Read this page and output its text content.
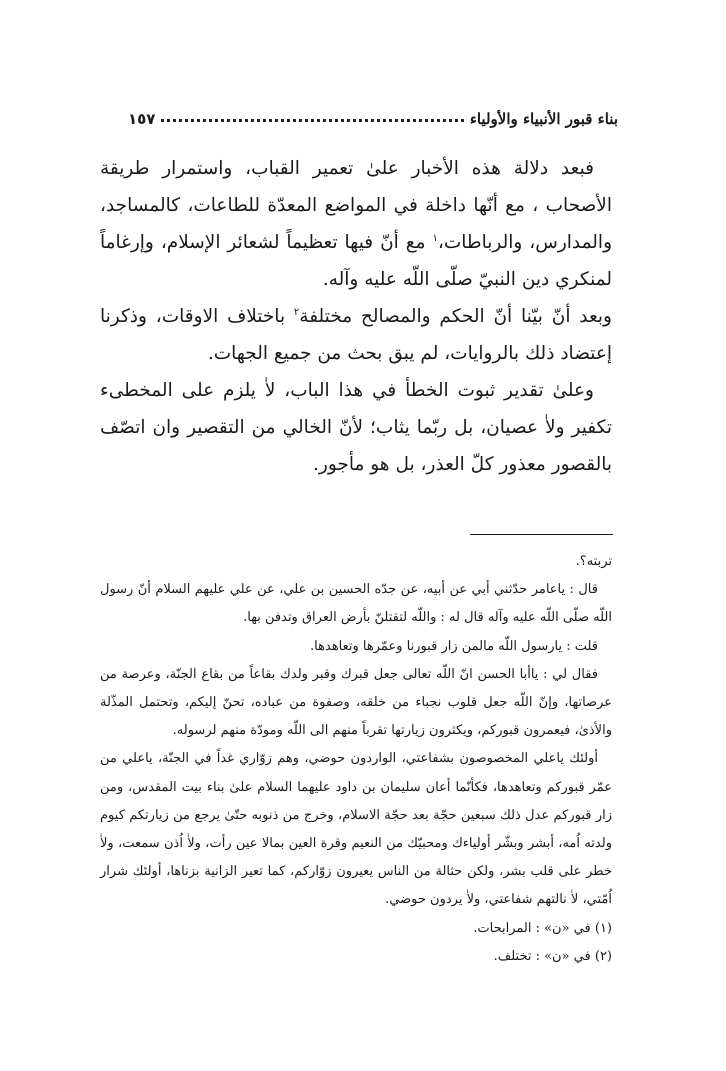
بناء قبور الأنبياء والأولياء
١٥٧

فبعد دلالة هذه الأخبار علىٰ تعمير القباب، واستمرار طريقة الأصحاب ، مع أنّها داخلة في المواضع المعدّة للطاعات، كالمساجد، والمدارس، والرباطات،$^١$ مع أنّ فيها تعظيماً لشعائر الإسلام، وإرغاماً لمنكري دين النبيّ صلّى اللّه عليه وآله.

وبعد أنّ بيّنا أنّ الحكم والمصالح مختلفة$^٢$ باختلاف الاوقات، وذكرنا إعتضاد ذلك بالروايات، لم يبق بحث من جميع الجهات.

وعلىٰ تقدير ثبوت الخطأ في هذا الباب، لاٰ يلزم على المخطىء تكفير ولاٰ عصيان، بل ربّما يثاب؛ لأنّ الخالي من التقصير وان اتصّف بالقصور معذور كلّ العذر، بل هو مأجور.

تربته؟.

قال : ياعامر حدّثني أبي عن أبيه، عن جدّه الحسين بن علي، عن علي عليهم السلام أنّ رسول اللّه صلّى اللّه عليه وآله قال له : واللّه لتقتلنّ بأرض العراق وتدفن بها.

قلت : يارسول اللّه مالمن زار قبورنا وعمّرها وتعاهدها.

فقال لي : ياأبا الحسن انّ اللّه تعالى جعل قبرك وقبر ولدك بقاعاً من بقاع الجنّة، وعرصة من عرصاتها، وإنّ اللّه جعل قلوب نجباء من خلقه، وصفوة من عباده، تحنّ إليكم، وتحتمل المذّلة والأذىٰ، فيعمرون قبوركم، ويكثرون زيارتها تقرباً منهم الى اللّه ومودّة منهم لرسوله.

أولئك ياعلي المخصوصون بشفاعتي، الواردون حوضي، وهم زوّاري غداً في الجنّة، ياعلي من عمّر قبوركم وتعاهدها، فكأنّما أعان سليمان بن داود عليهما السلام علىٰ بناء بيت المقدس، ومن زار قبوركم عدل ذلك سبعين حجّة بعد حجّة الاسلام، وخرج من ذنوبه حتّىٰ يرجع من زيارتكم كيوم ولدته اُمه، أبشر وبشّر أولياءك ومحبيّك من النعيم وقرة العين بمالا عين رأت، ولاٰ اُذن سمعت، ولاٰ خطر على قلب بشر، ولكن حثالة من الناس يعيرون زوّاركم، كما تعير الزانية بزناها، أولئك شرار اُمّتي، لاٰ نالتهم شفاعتي، ولاٰ يردون حوضي.

(١) في «ن» : المرابحات.

(٢) في «ن» : تختلف.
